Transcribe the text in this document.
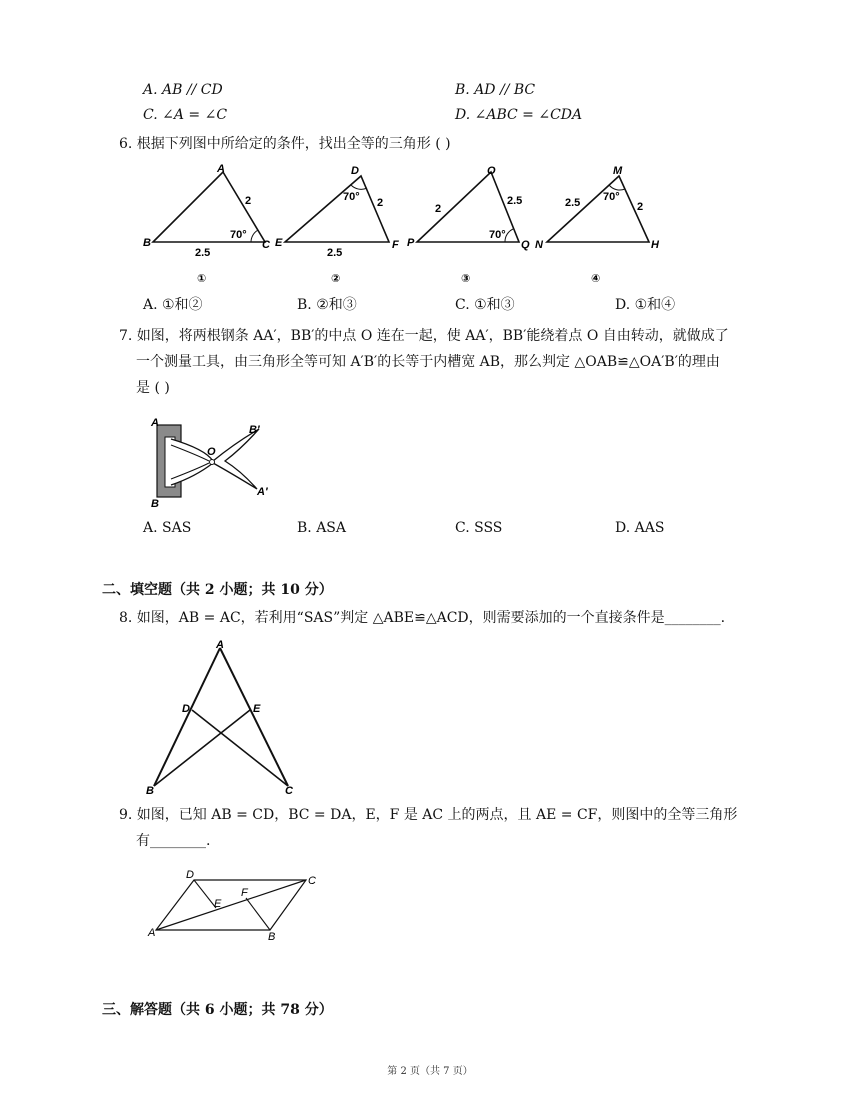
A. AB // CD	B. AD // BC
C. ∠A = ∠C	D. ∠ABC = ∠CDA
6. 根据下列图中所给定的条件，找出全等的三角形 ( )
A
B	C
2
2.5
70°
①
D
E	F
2
2.5
70°
②
O
P	Q
2
2.5
70°
③
M
N	H
2.5	2
70°
④
A. ①和②	B. ②和③	C. ①和③	D. ①和④
7. 如图，将两根钢条 AA′，BB′的中点 O 连在一起，使 AA′，BB′能绕着点 O 自由转动，就做成了
一个测量工具，由三角形全等可知 A′B′的长等于内槽宽 AB，那么判定 △OAB≌△OA′B′的理由
是 ( )
A
B
O
B′
A′
A. SAS	B. ASA	C. SSS	D. AAS
二、填空题（共 2 小题；共 10 分）
8. 如图，AB = AC，若利用“SAS”判定 △ABE≌△ACD，则需要添加的一个直接条件是________.
A
D	E
B	C
9. 如图，已知 AB = CD，BC = DA，E，F 是 AC 上的两点，且 AE = CF，则图中的全等三角形
有________.
D	C
F
E
A	B
三、解答题（共 6 小题；共 78 分）
第 2 页（共 7 页）
